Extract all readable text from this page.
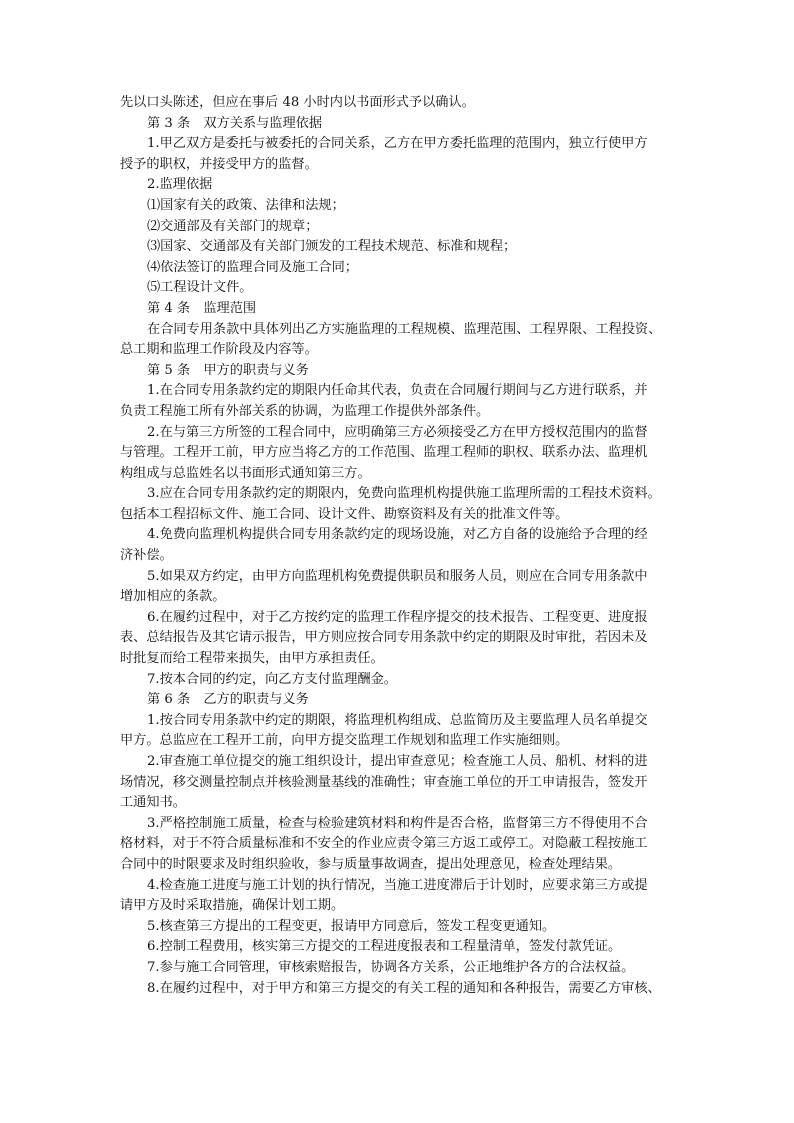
先以口头陈述，但应在事后 48 小时内以书面形式予以确认。

第 3 条　双方关系与监理依据

1.甲乙双方是委托与被委托的合同关系，乙方在甲方委托监理的范围内，独立行使甲方

授予的职权，并接受甲方的监督。

2.监理依据

⑴国家有关的政策、法律和法规；

⑵交通部及有关部门的规章；

⑶国家、交通部及有关部门颁发的工程技术规范、标准和规程；

⑷依法签订的监理合同及施工合同；

⑸工程设计文件。

第 4 条　监理范围

在合同专用条款中具体列出乙方实施监理的工程规模、监理范围、工程界限、工程投资、

总工期和监理工作阶段及内容等。

第 5 条　甲方的职责与义务

1.在合同专用条款约定的期限内任命其代表，负责在合同履行期间与乙方进行联系，并

负责工程施工所有外部关系的协调，为监理工作提供外部条件。

2.在与第三方所签的工程合同中，应明确第三方必须接受乙方在甲方授权范围内的监督

与管理。工程开工前，甲方应当将乙方的工作范围、监理工程师的职权、联系办法、监理机

构组成与总监姓名以书面形式通知第三方。

3.应在合同专用条款约定的期限内，免费向监理机构提供施工监理所需的工程技术资料。

包括本工程招标文件、施工合同、设计文件、勘察资料及有关的批准文件等。

4.免费向监理机构提供合同专用条款约定的现场设施，对乙方自备的设施给予合理的经

济补偿。

5.如果双方约定，由甲方向监理机构免费提供职员和服务人员，则应在合同专用条款中

增加相应的条款。

6.在履约过程中，对于乙方按约定的监理工作程序提交的技术报告、工程变更、进度报

表、总结报告及其它请示报告，甲方则应按合同专用条款中约定的期限及时审批，若因未及

时批复而给工程带来损失，由甲方承担责任。

7.按本合同的约定，向乙方支付监理酬金。

第 6 条　乙方的职责与义务

1.按合同专用条款中约定的期限，将监理机构组成、总监简历及主要监理人员名单提交

甲方。总监应在工程开工前，向甲方提交监理工作规划和监理工作实施细则。

2.审查施工单位提交的施工组织设计，提出审查意见；检查施工人员、船机、材料的进

场情况，移交测量控制点并核验测量基线的准确性；审查施工单位的开工申请报告，签发开

工通知书。

3.严格控制施工质量，检查与检验建筑材料和构件是否合格，监督第三方不得使用不合

格材料，对于不符合质量标准和不安全的作业应责令第三方返工或停工。对隐蔽工程按施工

合同中的时限要求及时组织验收，参与质量事故调查，提出处理意见，检查处理结果。

4.检查施工进度与施工计划的执行情况，当施工进度滞后于计划时，应要求第三方或提

请甲方及时采取措施，确保计划工期。

5.核查第三方提出的工程变更，报请甲方同意后，签发工程变更通知。

6.控制工程费用，核实第三方提交的工程进度报表和工程量清单，签发付款凭证。

7.参与施工合同管理，审核索赔报告，协调各方关系，公正地维护各方的合法权益。

8.在履约过程中，对于甲方和第三方提交的有关工程的通知和各种报告，需要乙方审核、
